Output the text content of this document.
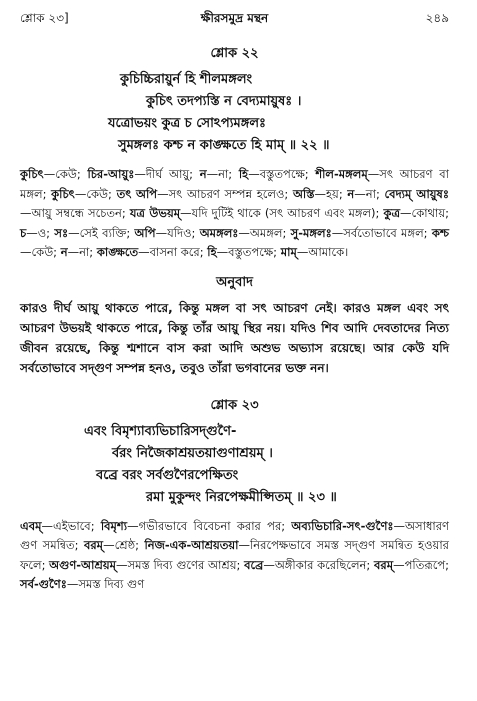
শ্লোক ২৩]	ক্ষীরসমুদ্র মন্থন	২৪৯
শ্লোক ২২
কুচিচ্চিরায়ুর্ন হি শীলমঙ্গলং
কুচিৎ তদপ্যস্তি ন বেদ্যমায়ুষঃ ।
যত্রোভয়ং কুত্র চ সোঽপ্যমঙ্গলঃ
সুমঙ্গলঃ কশ্চ ন কাঙ্ক্ষতে হি মাম্ ॥ ২২ ॥
কুচিৎ—কেউ; চির-আয়ুঃ—দীর্ঘ আয়ু; ন—না; হি—বস্তুতপক্ষে; শীল-মঙ্গলম্—সৎ আচরণ বা মঙ্গল; কুচিৎ—কেউ; তৎ অপি—সৎ আচরণ সম্পন্ন হলেও; অস্তি—হয়; ন—না; বেদ্যম্ আয়ুষঃ—আয়ু সম্বন্ধে সচেতন; যত্র উভয়ম্—যদি দুটিই থাকে (সৎ আচরণ এবং মঙ্গল); কুত্র—কোথায়; চ—ও; সঃ—সেই ব্যক্তি; অপি—যদিও; অমঙ্গলঃ—অমঙ্গল; সু-মঙ্গলঃ—সর্বতোভাবে মঙ্গল; কশ্চ—কেউ; ন—না; কাঙ্ক্ষতে—বাসনা করে; হি—বস্তুতপক্ষে; মাম্—আমাকে।
অনুবাদ
কারও দীর্ঘ আয়ু থাকতে পারে, কিন্তু মঙ্গল বা সৎ আচরণ নেই। কারও মঙ্গল এবং সৎ আচরণ উভয়ই থাকতে পারে, কিন্তু তাঁর আয়ু স্থির নয়। যদিও শিব আদি দেবতাদের নিত্য জীবন রয়েছে, কিন্তু শ্মশানে বাস করা আদি অশুভ অভ্যাস রয়েছে। আর কেউ যদি সর্বতোভাবে সদ্গুণ সম্পন্ন হনও, তবুও তাঁরা ভগবানের ভক্ত নন।
শ্লোক ২৩
এবং বিমৃশ্যাব্যভিচারিসদ্গুণৈ-
র্বরং নিজৈকাশ্রয়তয়াগুণাশ্রয়ম্ ।
বব্রে বরং সর্বগুণৈরপেক্ষিতং
রমা মুকুন্দং নিরপেক্ষমীপ্সিতম্ ॥ ২৩ ॥
এবম্—এইভাবে; বিমৃশ্য—গভীরভাবে বিবেচনা করার পর; অব্যভিচারি-সৎ-গুণৈঃ—অসাধারণ গুণ সমন্বিত; বরম্—শ্রেষ্ঠ; নিজ-এক-আশ্রয়তয়া—নিরপেক্ষভাবে সমস্ত সদ্গুণ সমন্বিত হওয়ার ফলে; অগুণ-আশ্রয়ম্—সমস্ত দিব্য গুণের আশ্রয়; বব্রে—অঙ্গীকার করেছিলেন; বরম্—পতিরূপে; সর্ব-গুণৈঃ—সমস্ত দিব্য গুণ
